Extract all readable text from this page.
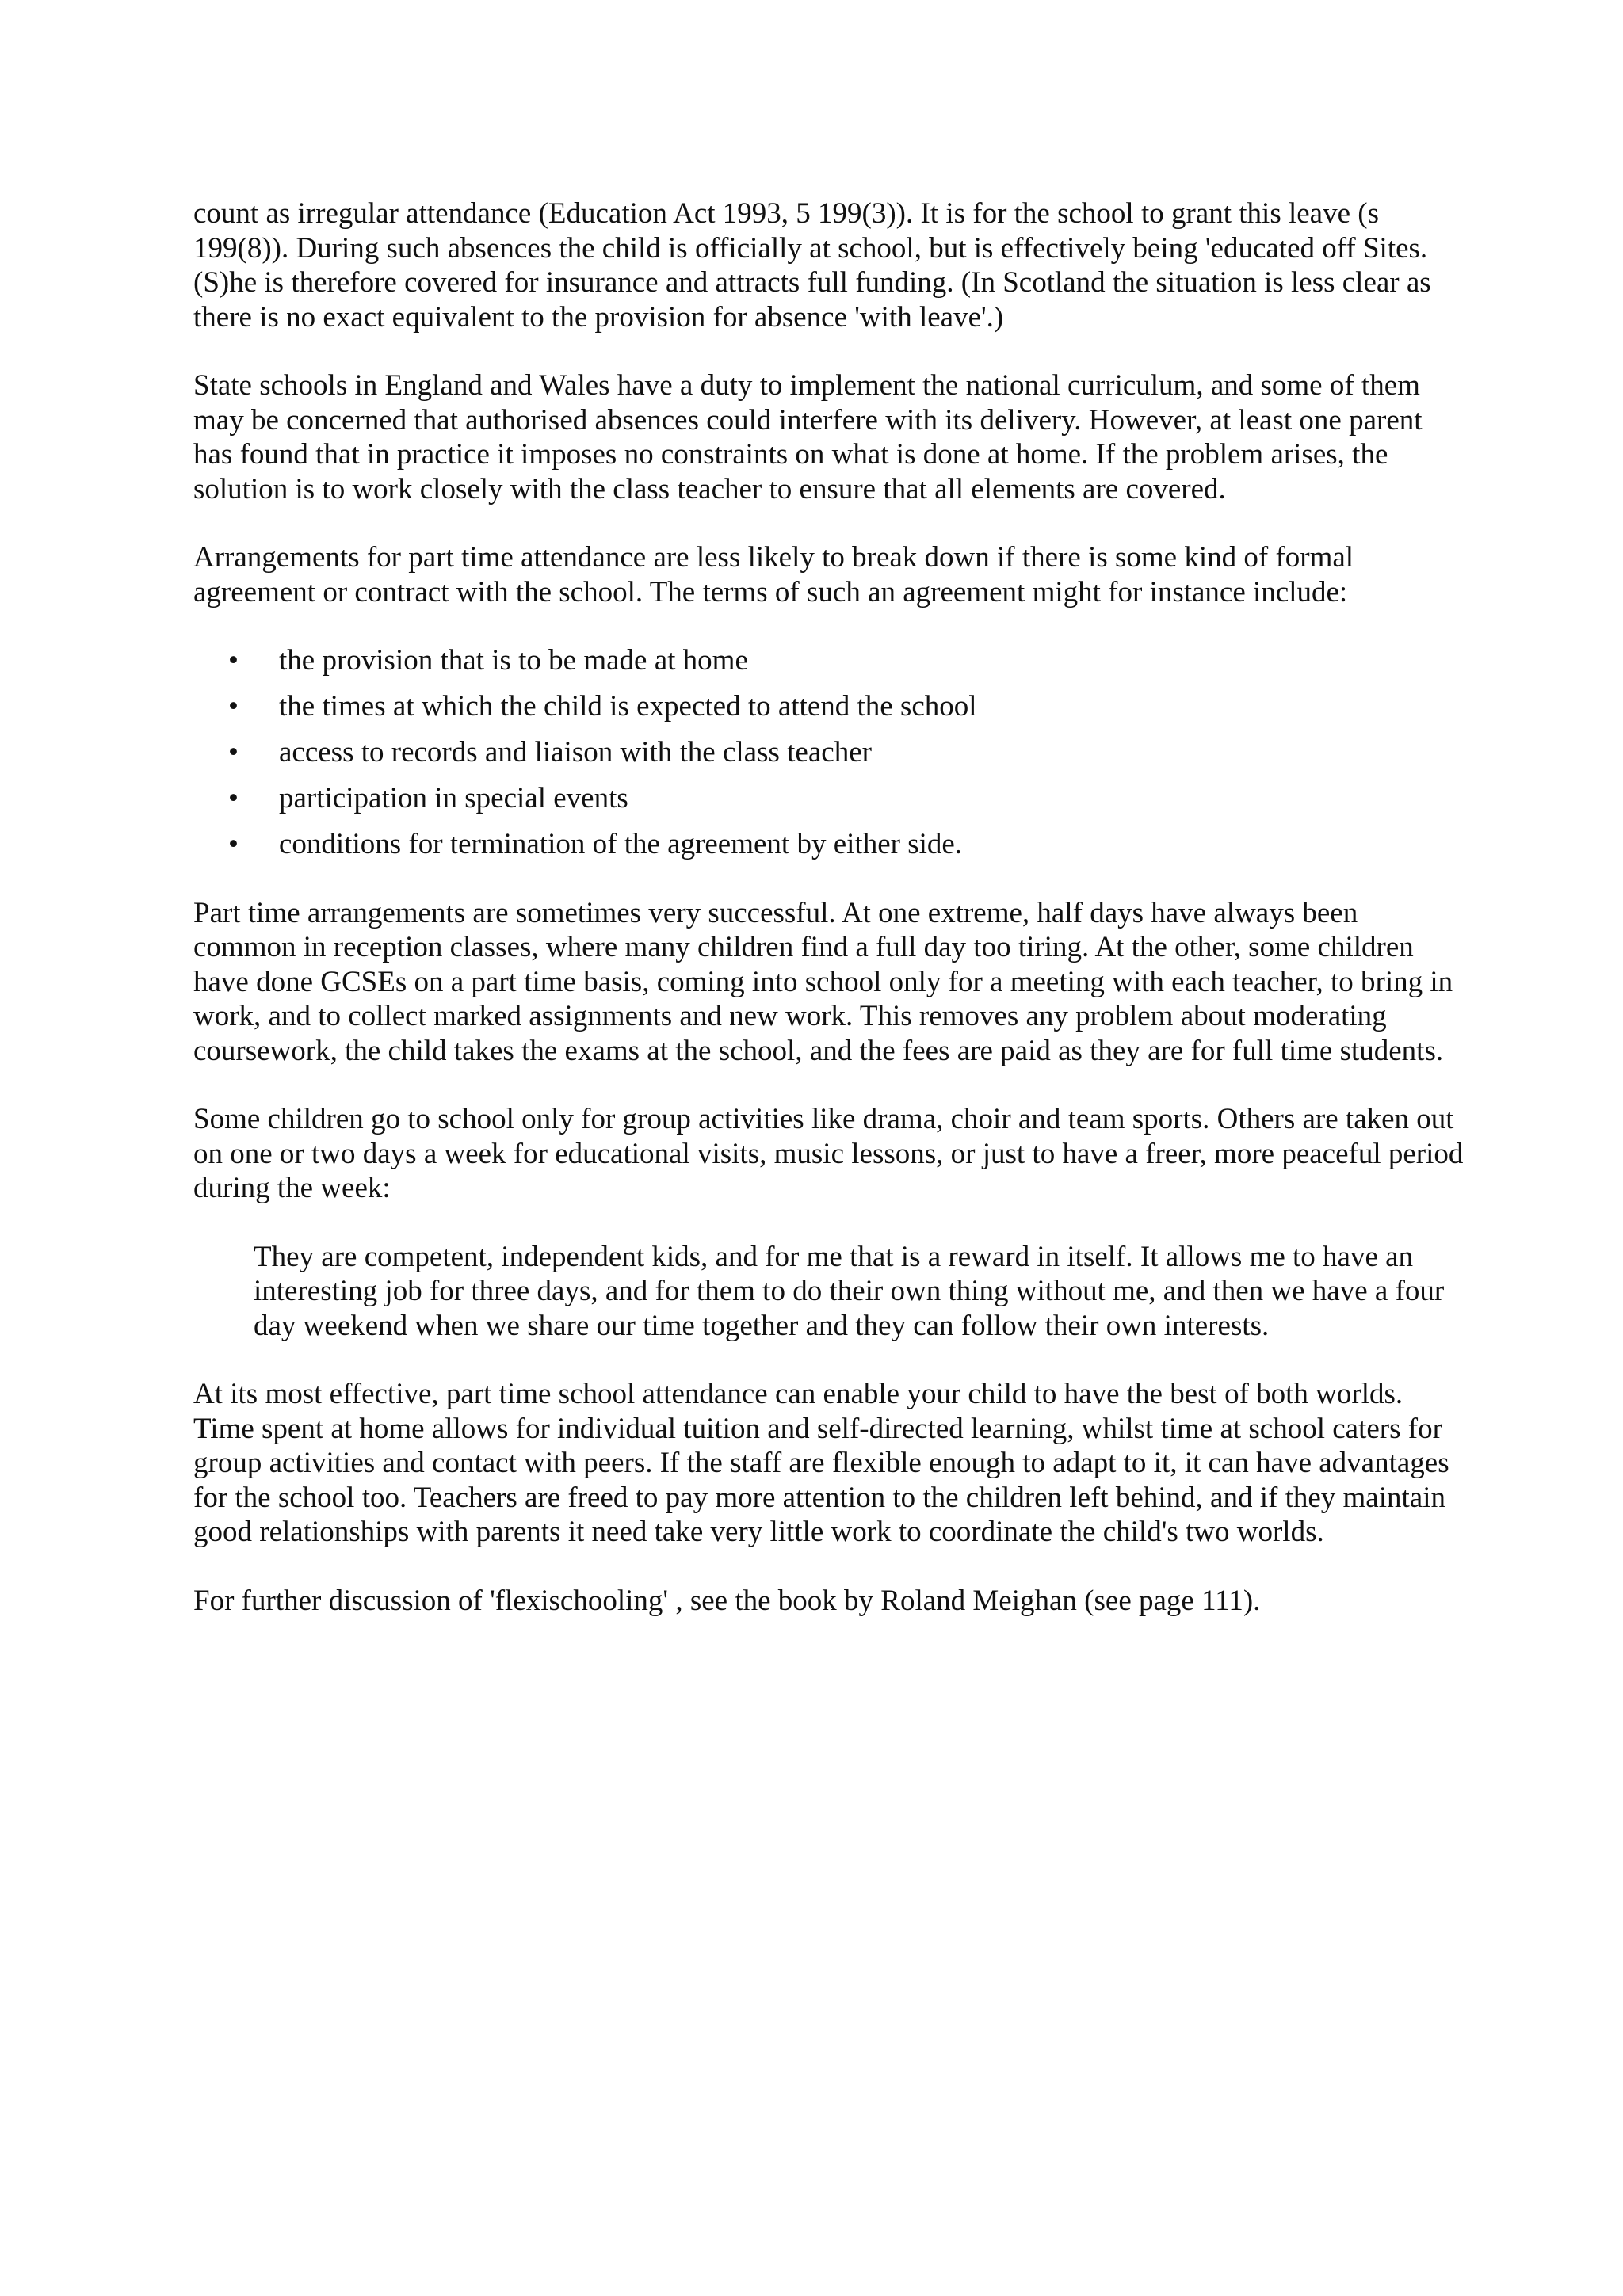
count as irregular attendance (Education Act 1993, 5 199(3)). It is for the school to grant this leave (s 199(8)). During such absences the child is officially at school, but is effectively being 'educated off Sites. (S)he is therefore covered for insurance and attracts full funding. (In Scotland the situation is less clear as there is no exact equivalent to the provision for absence 'with leave'.)

State schools in England and Wales have a duty to implement the national curriculum, and some of them may be concerned that authorised absences could interfere with its delivery. However, at least one parent has found that in practice it imposes no constraints on what is done at home. If the problem arises, the solution is to work closely with the class teacher to ensure that all elements are covered.

Arrangements for part time attendance are less likely to break down if there is some kind of formal agreement or contract with the school. The terms of such an agreement might for instance include:

• the provision that is to be made at home
• the times at which the child is expected to attend the school
• access to records and liaison with the class teacher
• participation in special events
• conditions for termination of the agreement by either side.

Part time arrangements are sometimes very successful. At one extreme, half days have always been common in reception classes, where many children find a full day too tiring. At the other, some children have done GCSEs on a part time basis, coming into school only for a meeting with each teacher, to bring in work, and to collect marked assignments and new work. This removes any problem about moderating coursework, the child takes the exams at the school, and the fees are paid as they are for full time students.

Some children go to school only for group activities like drama, choir and team sports. Others are taken out on one or two days a week for educational visits, music lessons, or just to have a freer, more peaceful period during the week:

They are competent, independent kids, and for me that is a reward in itself. It allows me to have an interesting job for three days, and for them to do their own thing without me, and then we have a four day weekend when we share our time together and they can follow their own interests.

At its most effective, part time school attendance can enable your child to have the best of both worlds. Time spent at home allows for individual tuition and self-directed learning, whilst time at school caters for group activities and contact with peers. If the staff are flexible enough to adapt to it, it can have advantages for the school too. Teachers are freed to pay more attention to the children left behind, and if they maintain good relationships with parents it need take very little work to coordinate the child's two worlds.

For further discussion of 'flexischooling' , see the book by Roland Meighan (see page 111).
